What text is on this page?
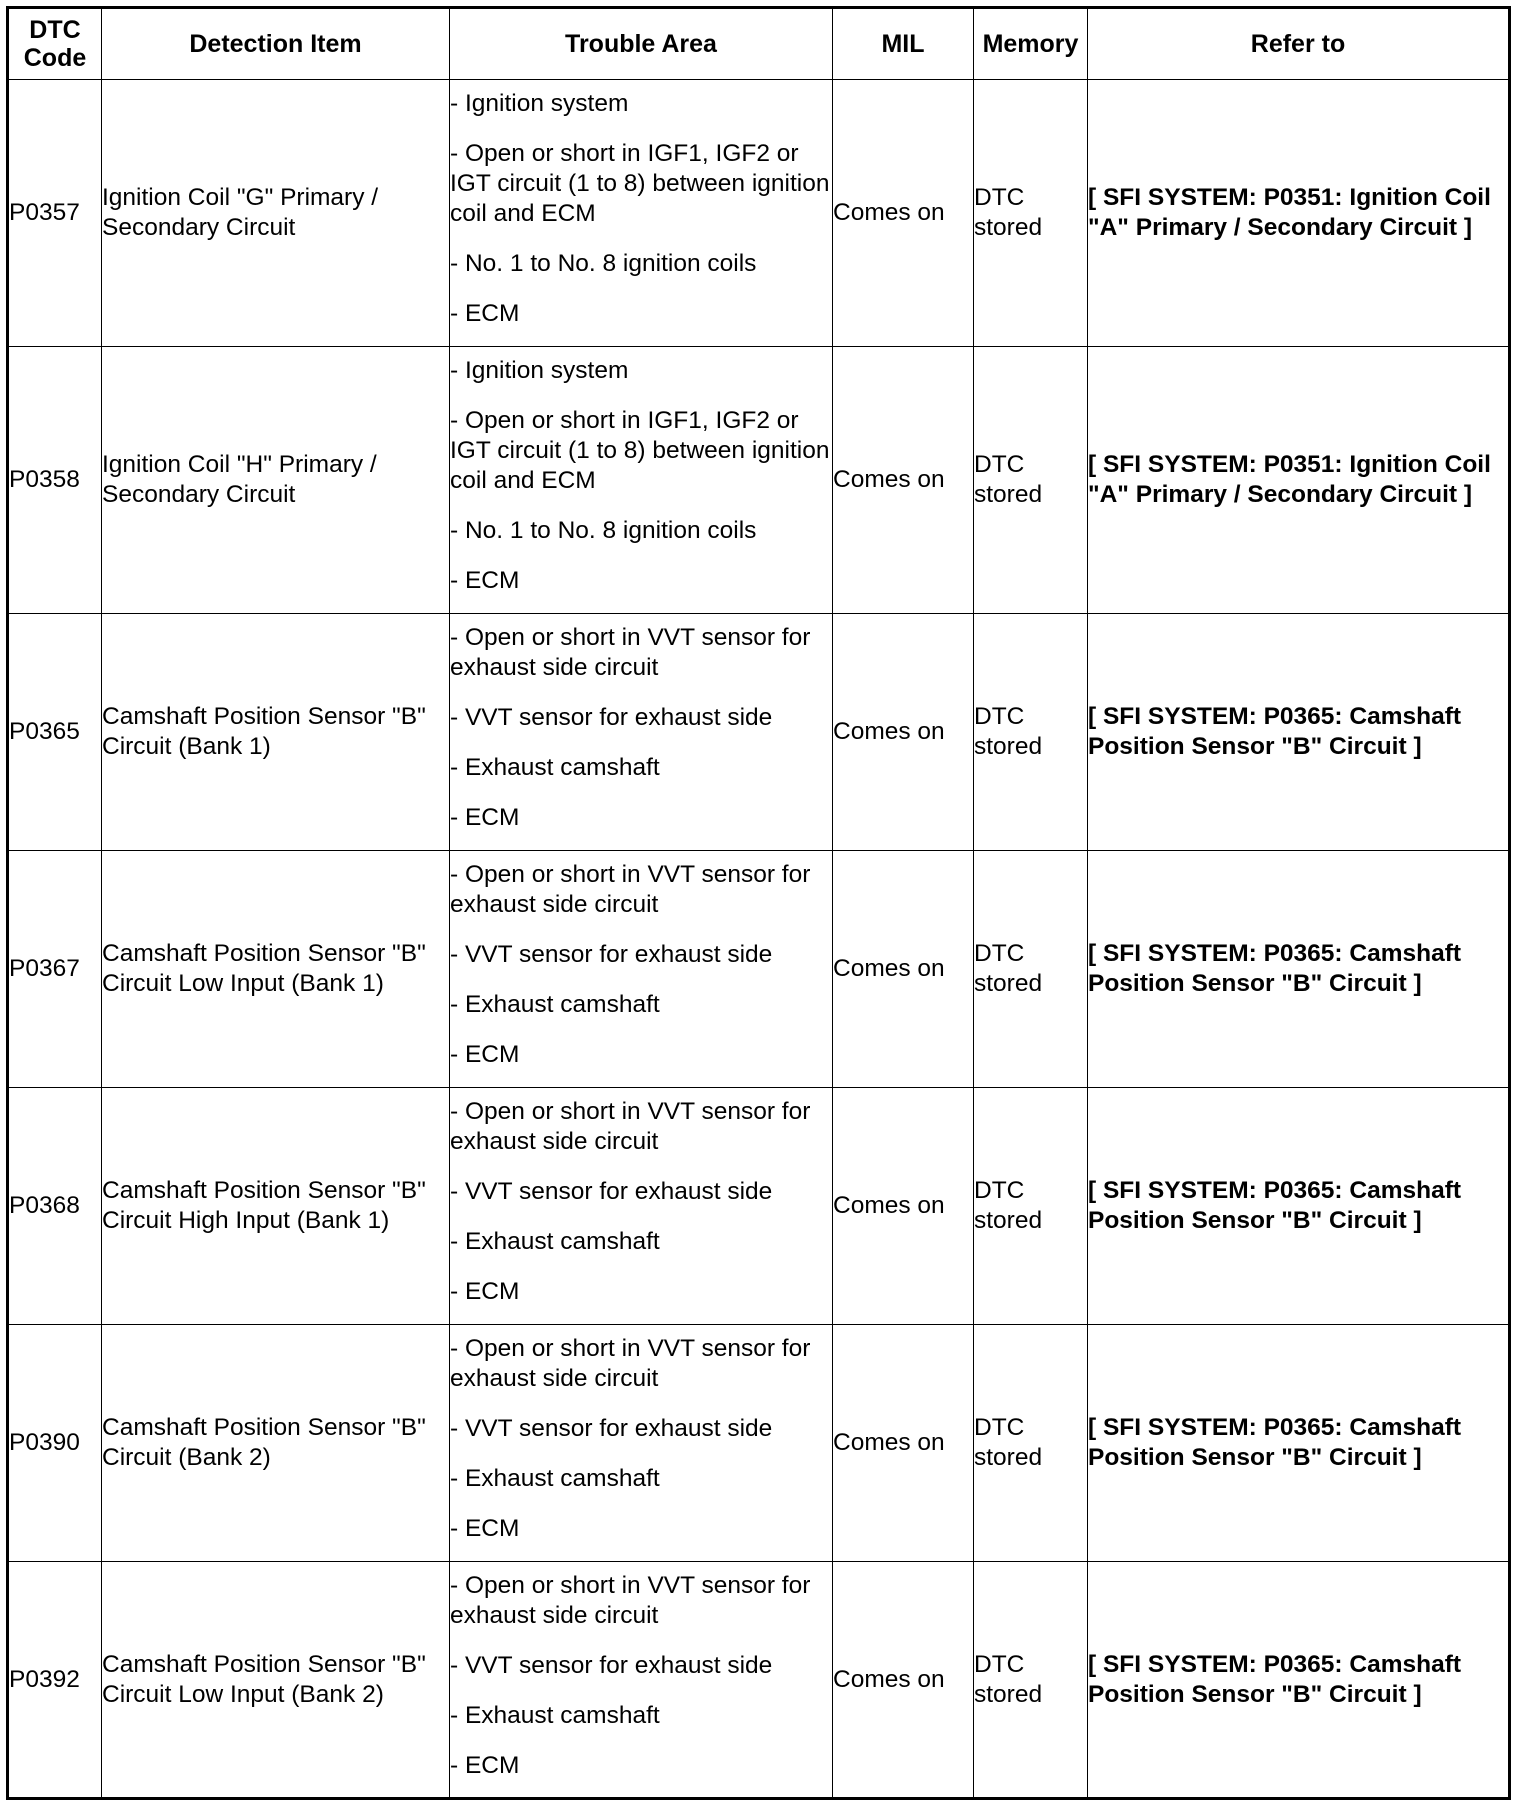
DTC
Code	Detection Item	Trouble Area	MIL	Memory	Refer to
P0357	Ignition Coil "G" Primary / Secondary Circuit	- Ignition system
- Open or short in IGF1, IGF2 or IGT circuit (1 to 8) between ignition coil and ECM
- No. 1 to No. 8 ignition coils
- ECM	Comes on	DTC stored	[ SFI SYSTEM: P0351: Ignition Coil "A" Primary / Secondary Circuit ]
P0358	Ignition Coil "H" Primary / Secondary Circuit	- Ignition system
- Open or short in IGF1, IGF2 or IGT circuit (1 to 8) between ignition coil and ECM
- No. 1 to No. 8 ignition coils
- ECM	Comes on	DTC stored	[ SFI SYSTEM: P0351: Ignition Coil "A" Primary / Secondary Circuit ]
P0365	Camshaft Position Sensor "B" Circuit (Bank 1)	- Open or short in VVT sensor for exhaust side circuit
- VVT sensor for exhaust side
- Exhaust camshaft
- ECM	Comes on	DTC stored	[ SFI SYSTEM: P0365: Camshaft Position Sensor "B" Circuit ]
P0367	Camshaft Position Sensor "B" Circuit Low Input (Bank 1)	- Open or short in VVT sensor for exhaust side circuit
- VVT sensor for exhaust side
- Exhaust camshaft
- ECM	Comes on	DTC stored	[ SFI SYSTEM: P0365: Camshaft Position Sensor "B" Circuit ]
P0368	Camshaft Position Sensor "B" Circuit High Input (Bank 1)	- Open or short in VVT sensor for exhaust side circuit
- VVT sensor for exhaust side
- Exhaust camshaft
- ECM	Comes on	DTC stored	[ SFI SYSTEM: P0365: Camshaft Position Sensor "B" Circuit ]
P0390	Camshaft Position Sensor "B" Circuit (Bank 2)	- Open or short in VVT sensor for exhaust side circuit
- VVT sensor for exhaust side
- Exhaust camshaft
- ECM	Comes on	DTC stored	[ SFI SYSTEM: P0365: Camshaft Position Sensor "B" Circuit ]
P0392	Camshaft Position Sensor "B" Circuit Low Input (Bank 2)	- Open or short in VVT sensor for exhaust side circuit
- VVT sensor for exhaust side
- Exhaust camshaft
- ECM	Comes on	DTC stored	[ SFI SYSTEM: P0365: Camshaft Position Sensor "B" Circuit ]
